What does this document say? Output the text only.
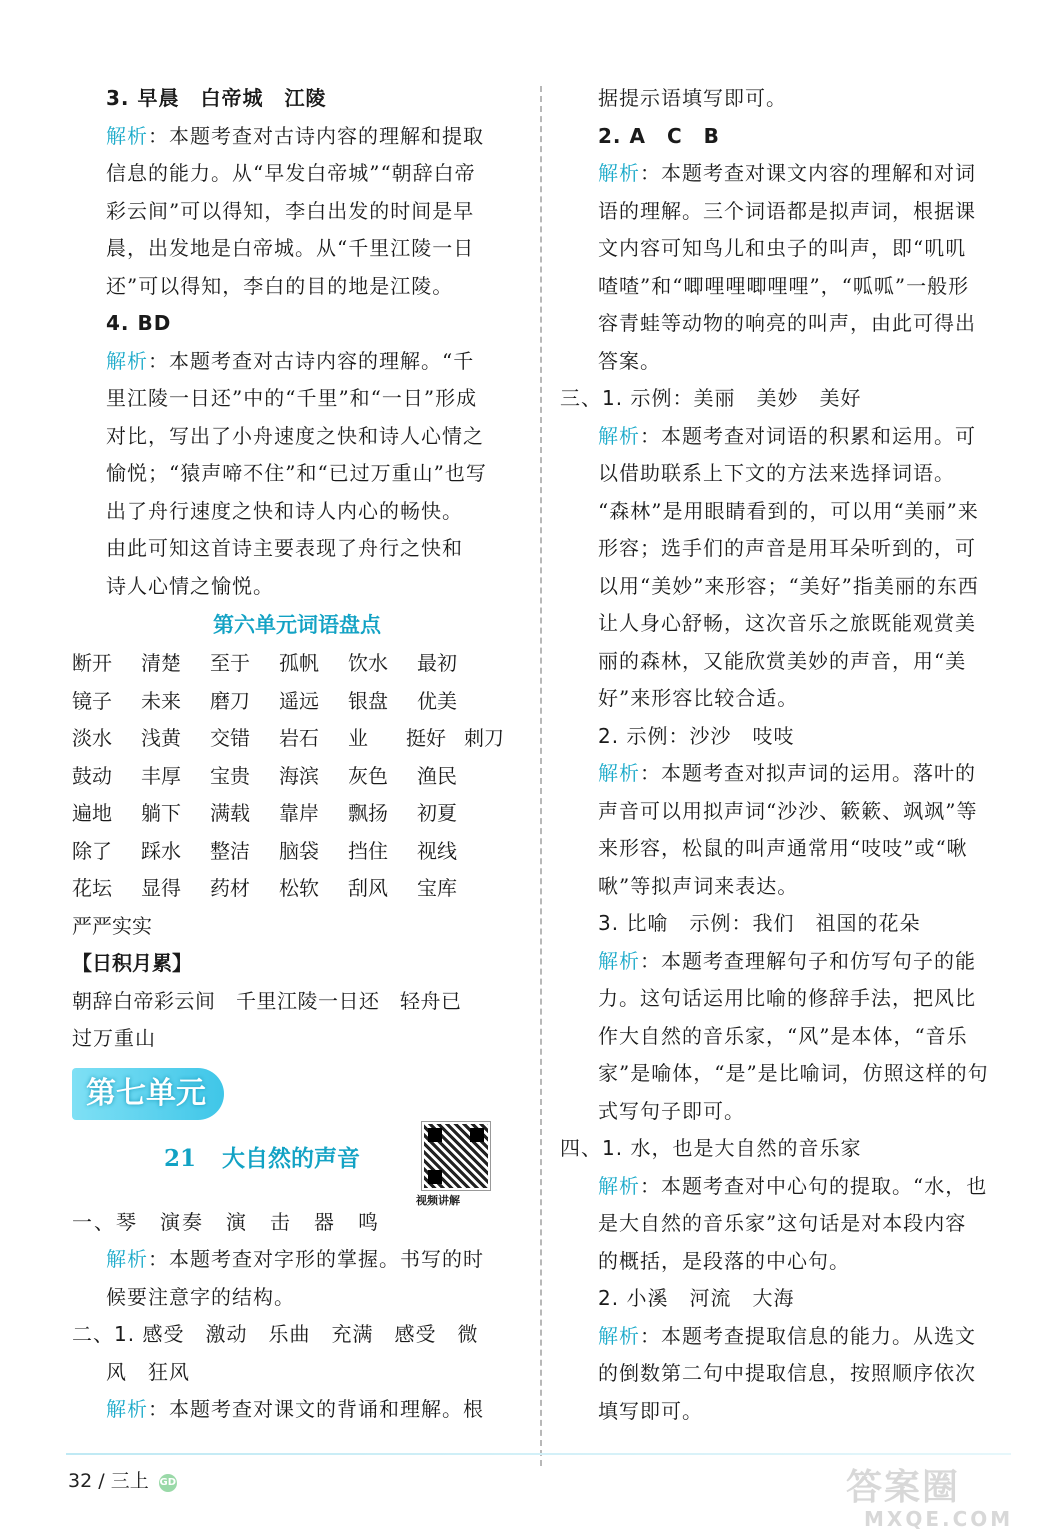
3. 早晨　白帝城　江陵
解析：本题考查对古诗内容的理解和提取
信息的能力。从“早发白帝城”“朝辞白帝
彩云间”可以得知，李白出发的时间是早
晨，出发地是白帝城。从“千里江陵一日
还”可以得知，李白的目的地是江陵。
4. BD
解析：本题考查对古诗内容的理解。“千
里江陵一日还”中的“千里”和“一日”形成
对比，写出了小舟速度之快和诗人心情之
愉悦；“猿声啼不住”和“已过万重山”也写
出了舟行速度之快和诗人内心的畅快。
由此可知这首诗主要表现了舟行之快和
诗人心情之愉悦。
第六单元词语盘点
断开	清楚	至于	孤帆	饮水	最初
镜子	未来	磨刀	遥远	银盘	优美
淡水	浅黄	交错	岩石	业	挺好 刺刀
鼓动	丰厚	宝贵	海滨	灰色	渔民
遍地	躺下	满载	靠岸	飘扬	初夏
除了	踩水	整洁	脑袋	挡住	视线
花坛	显得	药材	松软	刮风	宝库
严严实实
【日积月累】
朝辞白帝彩云间　千里江陵一日还　轻舟已
过万重山
第七单元
21 大自然的声音
视频讲解
一、琴　演奏　演　击　器　鸣
解析：本题考查对字形的掌握。书写的时
候要注意字的结构。
二、1. 感受　激动　乐曲　充满　感受　微
风　狂风
解析：本题考查对课文的背诵和理解。根
据提示语填写即可。
2. A　C　B
解析：本题考查对课文内容的理解和对词
语的理解。三个词语都是拟声词，根据课
文内容可知鸟儿和虫子的叫声，即“叽叽
喳喳”和“唧哩哩唧哩哩”，“呱呱”一般形
容青蛙等动物的响亮的叫声，由此可得出
答案。
三、1. 示例：美丽　美妙　美好
解析：本题考查对词语的积累和运用。可
以借助联系上下文的方法来选择词语。
“森林”是用眼睛看到的，可以用“美丽”来
形容；选手们的声音是用耳朵听到的，可
以用“美妙”来形容；“美好”指美丽的东西
让人身心舒畅，这次音乐之旅既能观赏美
丽的森林，又能欣赏美妙的声音，用“美
好”来形容比较合适。
2. 示例：沙沙　吱吱
解析：本题考查对拟声词的运用。落叶的
声音可以用拟声词“沙沙、簌簌、飒飒”等
来形容，松鼠的叫声通常用“吱吱”或“啾
啾”等拟声词来表达。
3. 比喻　示例：我们　祖国的花朵
解析：本题考查理解句子和仿写句子的能
力。这句话运用比喻的修辞手法，把风比
作大自然的音乐家，“风”是本体，“音乐
家”是喻体，“是”是比喻词，仿照这样的句
式写句子即可。
四、1. 水，也是大自然的音乐家
解析：本题考查对中心句的提取。“水，也
是大自然的音乐家”这句话是对本段内容
的概括，是段落的中心句。
2. 小溪　河流　大海
解析：本题考查提取信息的能力。从选文
的倒数第二句中提取信息，按照顺序依次
填写即可。
32 / 三上 GD	答案圈
MXQE.COM
